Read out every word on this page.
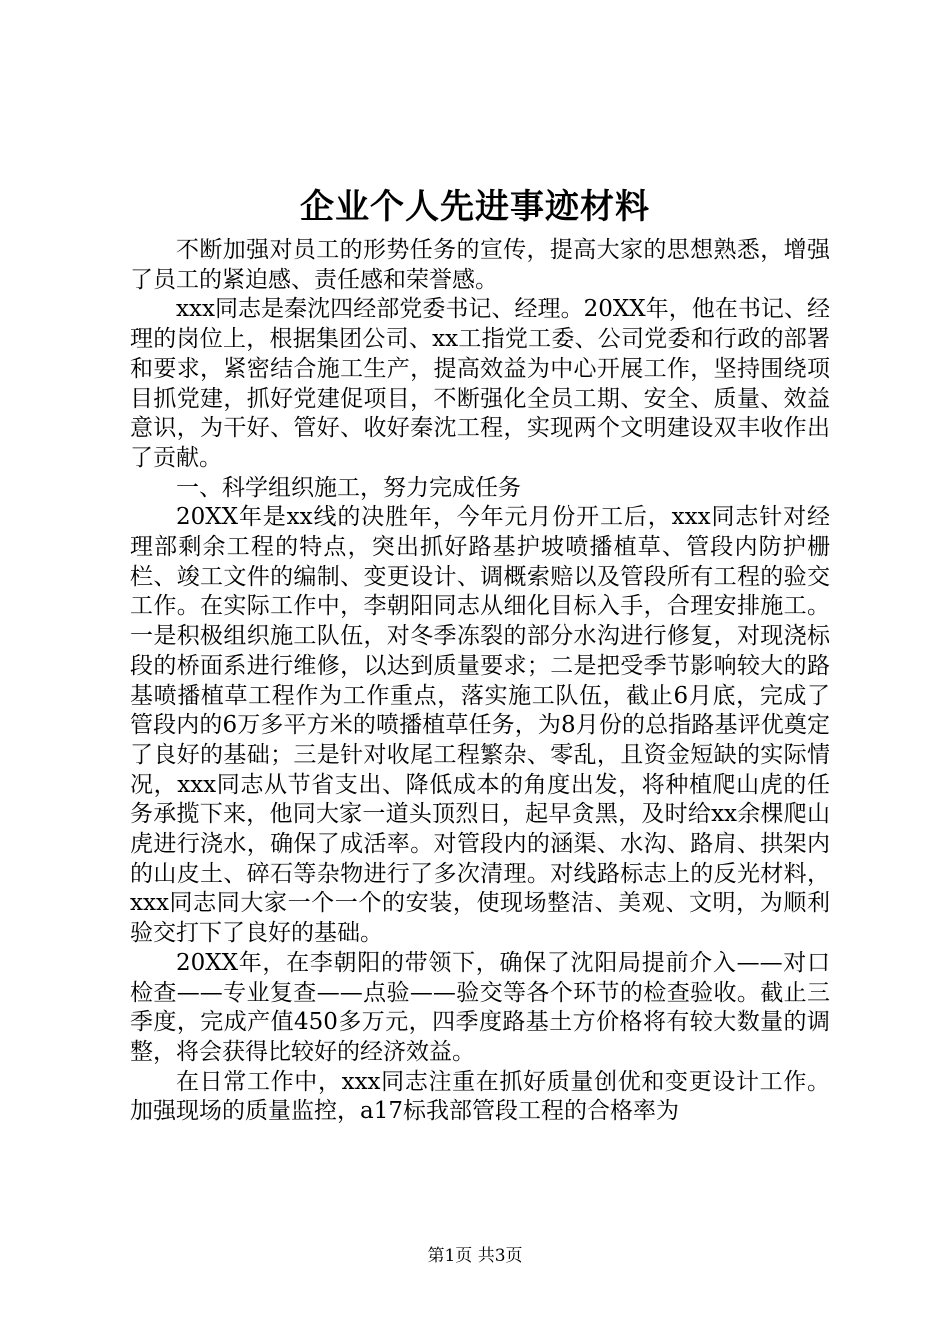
企业个人先进事迹材料

不断加强对员工的形势任务的宣传，提高大家的思想熟悉，增强了员工的紧迫感、责任感和荣誉感。

xxx同志是秦沈四经部党委书记、经理。20XX年，他在书记、经理的岗位上，根据集团公司、xx工指党工委、公司党委和行政的部署和要求，紧密结合施工生产，提高效益为中心开展工作，坚持围绕项目抓党建，抓好党建促项目，不断强化全员工期、安全、质量、效益意识，为干好、管好、收好秦沈工程，实现两个文明建设双丰收作出了贡献。

一、科学组织施工，努力完成任务

20XX年是xx线的决胜年，今年元月份开工后，xxx同志针对经理部剩余工程的特点，突出抓好路基护坡喷播植草、管段内防护栅栏、竣工文件的编制、变更设计、调概索赔以及管段所有工程的验交工作。在实际工作中，李朝阳同志从细化目标入手，合理安排施工。一是积极组织施工队伍，对冬季冻裂的部分水沟进行修复，对现浇标段的桥面系进行维修，以达到质量要求；二是把受季节影响较大的路基喷播植草工程作为工作重点，落实施工队伍，截止6月底，完成了管段内的6万多平方米的喷播植草任务，为8月份的总指路基评优奠定了良好的基础；三是针对收尾工程繁杂、零乱，且资金短缺的实际情况，xxx同志从节省支出、降低成本的角度出发，将种植爬山虎的任务承揽下来，他同大家一道头顶烈日，起早贪黑，及时给xx余棵爬山虎进行浇水，确保了成活率。对管段内的涵渠、水沟、路肩、拱架内的山皮土、碎石等杂物进行了多次清理。对线路标志上的反光材料，xxx同志同大家一个一个的安装，使现场整洁、美观、文明，为顺利验交打下了良好的基础。

20XX年，在李朝阳的带领下，确保了沈阳局提前介入——对口检查——专业复查——点验——验交等各个环节的检查验收。截止三季度，完成产值450多万元，四季度路基土方价格将有较大数量的调整，将会获得比较好的经济效益。

在日常工作中，xxx同志注重在抓好质量创优和变更设计工作。加强现场的质量监控，a17标我部管段工程的合格率为

第1页 共3页
